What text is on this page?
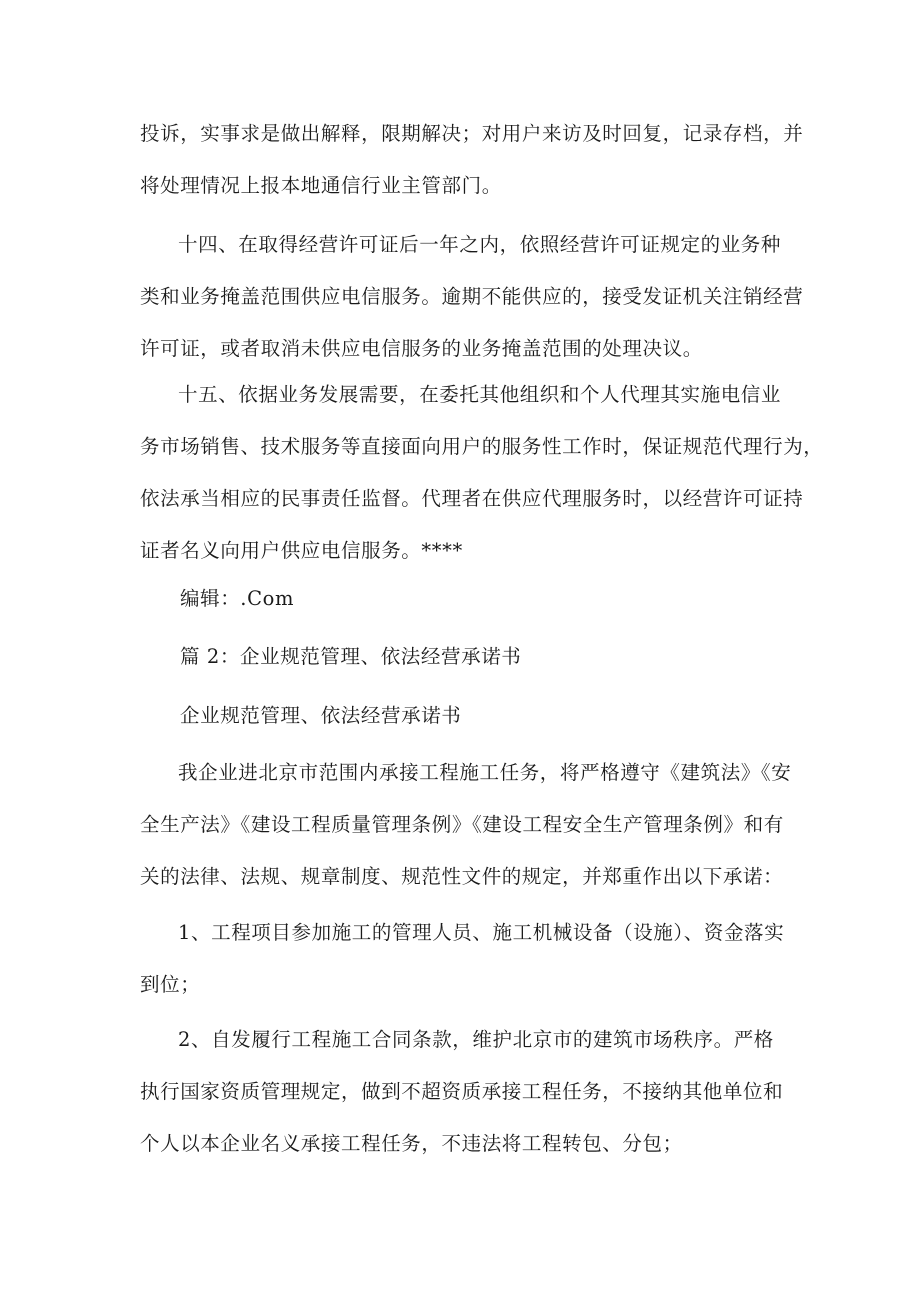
投诉，实事求是做出解释，限期解决；对用户来访及时回复，记录存档，并
将处理情况上报本地通信行业主管部门。

十四、在取得经营许可证后一年之内，依照经营许可证规定的业务种
类和业务掩盖范围供应电信服务。逾期不能供应的，接受发证机关注销经营
许可证，或者取消未供应电信服务的业务掩盖范围的处理决议。

十五、依据业务发展需要，在委托其他组织和个人代理其实施电信业
务市场销售、技术服务等直接面向用户的服务性工作时，保证规范代理行为，
依法承当相应的民事责任监督。代理者在供应代理服务时，以经营许可证持
证者名义向用户供应电信服务。****

编辑：.Com

篇 2：企业规范管理、依法经营承诺书

企业规范管理、依法经营承诺书

我企业进北京市范围内承接工程施工任务，将严格遵守《建筑法》《安
全生产法》《建设工程质量管理条例》《建设工程安全生产管理条例》和有
关的法律、法规、规章制度、规范性文件的规定，并郑重作出以下承诺：

1、工程项目参加施工的管理人员、施工机械设备（设施）、资金落实
到位；

2、自发履行工程施工合同条款，维护北京市的建筑市场秩序。严格
执行国家资质管理规定，做到不超资质承接工程任务，不接纳其他单位和
个人以本企业名义承接工程任务，不违法将工程转包、分包；
